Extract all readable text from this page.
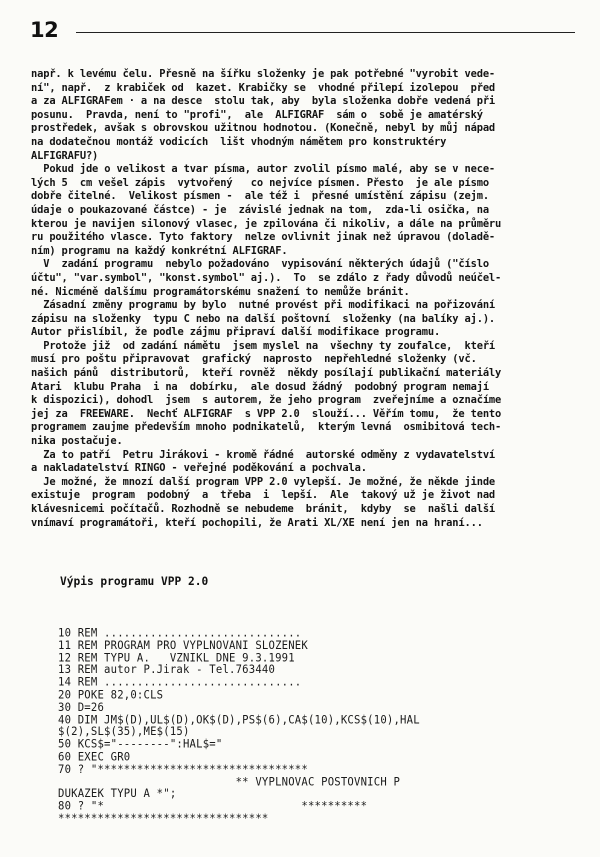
12
např. k levému čelu. Přesně na šířku složenky je pak potřebné "vyrobit vede-
ní", např.  z krabiček od  kazet. Krabičky se  vhodné přilepí izolepou  před
a za ALFIGRAFem · a na desce  stolu tak, aby  byla složenka dobře vedená při
posunu.  Pravda, není to "profi",  ale  ALFIGRAF  sám o  sobě je amatérský
prostředek, avšak s obrovskou užitnou hodnotou. (Konečně, nebyl by můj nápad
na dodatečnou montáž vodicích  lišt vhodným námětem pro konstruktéry
ALFIGRAFU?)
Pokud jde o velikost a tvar písma, autor zvolil písmo malé, aby se v nece-
lých 5  cm vešel zápis  vytvořený   co nejvíce písmen. Přesto  je ale písmo
dobře čitelné.  Velikost písmen -  ale též i  přesné umístění zápisu (zejm.
údaje o poukazované částce) - je  závislé jednak na tom,  zda-li osička, na
kterou je navijen silonový vlasec, je zpilována či nikoliv, a dále na průměru
ru použitého vlasce. Tyto faktory  nelze ovlivnit jinak než úpravou (doladě-
ním) programu na každý konkrétní ALFIGRAF.
V  zadání programu  nebylo požadováno  vypisování některých údajů ("číslo
účtu", "var.symbol", "konst.symbol" aj.).  To  se zdálo z řady důvodů neúčel-
né. Nicméně dalšímu programátorskému snažení to nemůže bránit.
Zásadní změny programu by bylo  nutné provést při modifikaci na pořizování
zápisu na složenky  typu C nebo na další poštovní  složenky (na balíky aj.).
Autor přislíbil, že podle zájmu připraví další modifikace programu.
Protože již  od zadání námětu  jsem myslel na  všechny ty zoufalce,  kteří
musí pro poštu připravovat  grafický  naprosto  nepřehledné složenky (vč.
našich pánů  distributorů,  kteří rovněž  někdy posílají publikační materiály
Atari  klubu Praha  i na  dobírku,  ale dosud žádný  podobný program nemají
k dispozici), dohodl  jsem  s autorem, že jeho program  zveřejníme a označíme
jej za  FREEWARE.  Nechť ALFIGRAF  s VPP 2.0  slouží... Věřím tomu,  že tento
programem zaujme především mnoho podnikatelů,  kterým levná  osmibitová tech-
nika postačuje.
Za to patří  Petru Jirákovi - kromě řádné  autorské odměny z vydavatelství
a nakladatelství RINGO - veřejné poděkování a pochvala.
Je možné, že mnozí další program VPP 2.0 vylepší. Je možné, že někde jinde
existuje  program  podobný  a  třeba  i  lepší.  Ale  takový už je život nad
klávesnicemi počítačů. Rozhodně se nebudeme  bránit,  kdyby  se  našli další
vnímaví programátoři, kteří pochopili, že Arati XL/XE není jen na hraní...
Výpis programu VPP 2.0
10 REM ..............................
11 REM PROGRAM PRO VYPLNOVANI SLOZENEK
12 REM TYPU A.   VZNIKL DNE 9.3.1991
13 REM autor P.Jirak - Tel.763440
14 REM ..............................
20 POKE 82,0:CLS
30 D=26
40 DIM JM$(D),UL$(D),OK$(D),PS$(6),CA$(10),KCS$(10),HAL
$(2),SL$(35),ME$(15)
50 KCS$="--------":HAL$="
60 EXEC GR0
70 ? "********************************
** VYPLNOVAC POSTOVNICH P
DUKAZEK TYPU A *";
80 ? "*                              **********
********************************
